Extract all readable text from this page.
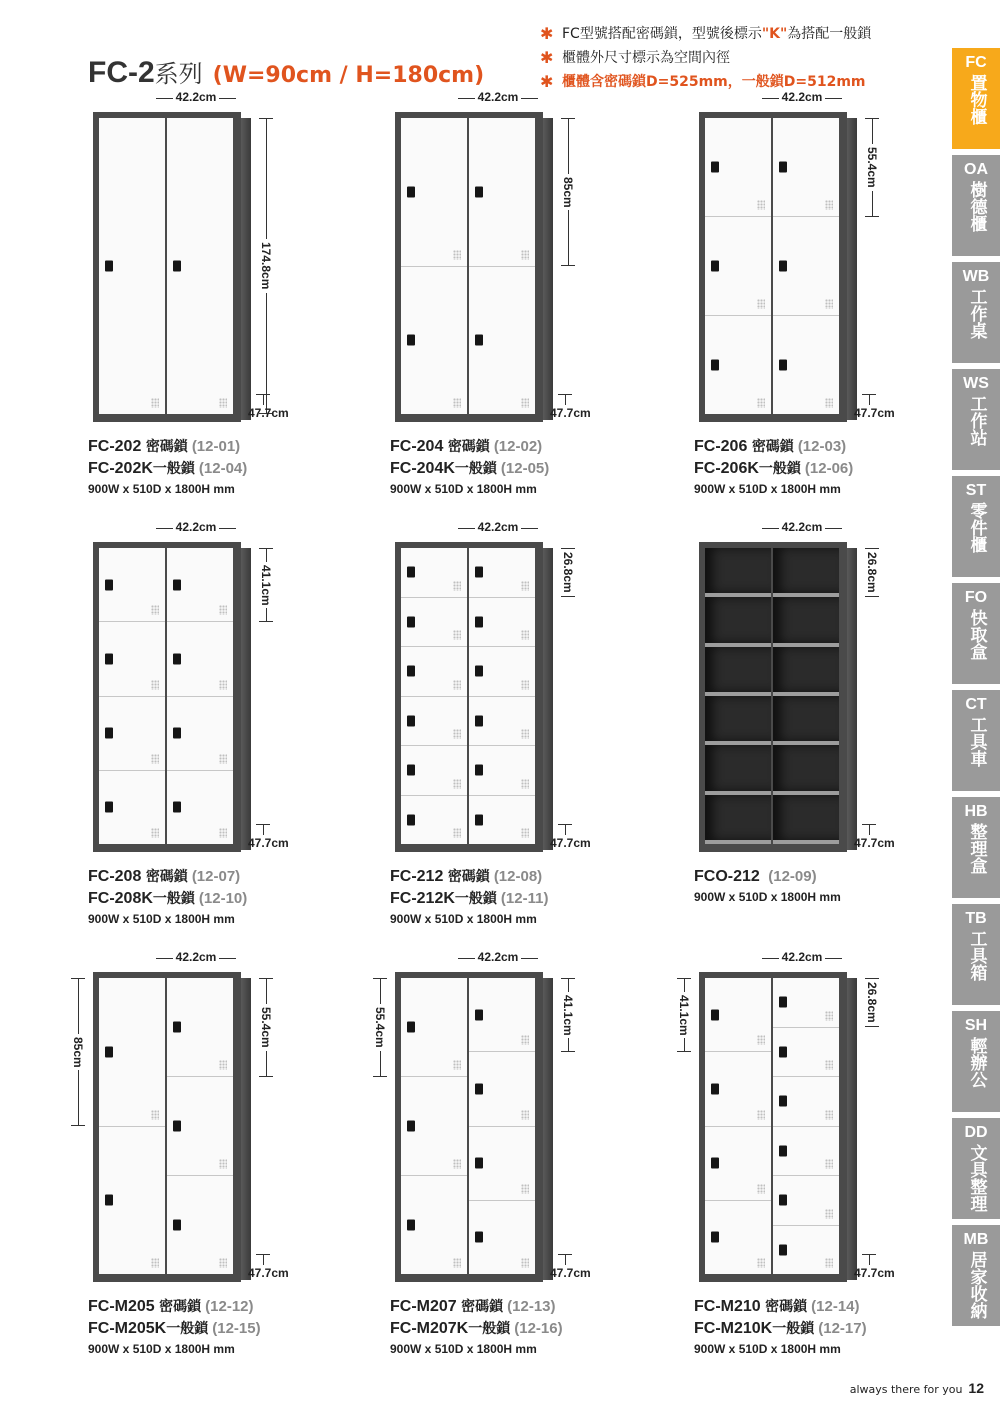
FC-2系列 (W=90cm / H=180cm)
✱ FC型號搭配密碼鎖，型號後標示 "K" 為搭配一般鎖
✱ 櫃體外尺寸標示為空間內徑
✱ 櫃體含密碼鎖D=525mm，一般鎖D=512mm
FC
置物櫃
OA
樹德櫃
WB
工作桌
WS
工作站
ST
零件櫃
FO
快取盒
CT
工具車
HB
整理盒
TB
工具箱
SH
輕辦公
DD
文具整理
MB
居家收納
42.2cm
174.8cm
47.7cm
FC-202 密碼鎖 (12-01)
FC-202K一般鎖 (12-04)
900W x 510D x 1800H mm
42.2cm
85cm
47.7cm
FC-204 密碼鎖 (12-02)
FC-204K一般鎖 (12-05)
900W x 510D x 1800H mm
42.2cm
55.4cm
47.7cm
FC-206 密碼鎖 (12-03)
FC-206K一般鎖 (12-06)
900W x 510D x 1800H mm
42.2cm
41.1cm
47.7cm
FC-208 密碼鎖 (12-07)
FC-208K一般鎖 (12-10)
900W x 510D x 1800H mm
42.2cm
26.8cm
47.7cm
FC-212 密碼鎖 (12-08)
FC-212K一般鎖 (12-11)
900W x 510D x 1800H mm
42.2cm
26.8cm
47.7cm
FCO-212 (12-09)
900W x 510D x 1800H mm
42.2cm
55.4cm
85cm
47.7cm
FC-M205 密碼鎖 (12-12)
FC-M205K一般鎖 (12-15)
900W x 510D x 1800H mm
42.2cm
41.1cm
55.4cm
47.7cm
FC-M207 密碼鎖 (12-13)
FC-M207K一般鎖 (12-16)
900W x 510D x 1800H mm
42.2cm
26.8cm
41.1cm
47.7cm
FC-M210 密碼鎖 (12-14)
FC-M210K一般鎖 (12-17)
900W x 510D x 1800H mm
always there for you 12
